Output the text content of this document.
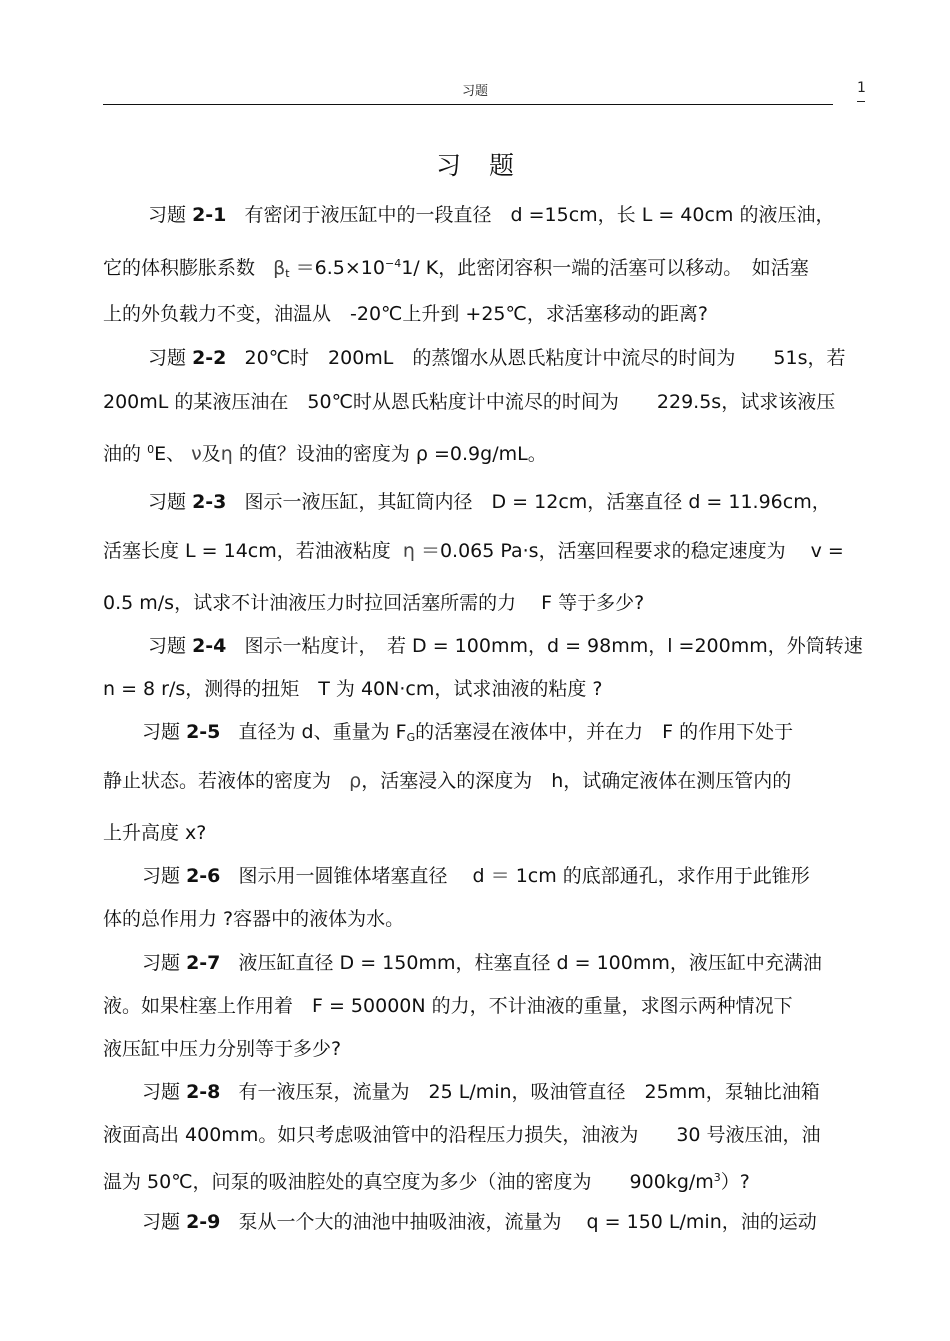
习题	1
习题
习题 2-1 有密闭于液压缸中的一段直径　d =15cm，长 L = 40cm 的液压油，
它的体积膨胀系数 $\beta_t =6.5\times 10^{-4}1/$ K，此密闭容积一端的活塞可以移动。　如活塞
上的外负载力不变，油温从　-20℃上升到 +25℃，求活塞移动的距离?
习题 2-2 20℃时　200mL　的蒸馏水从恩氏粘度计中流尽的时间为　　51s，若
200mL 的某液压油在　50℃时从恩氏粘度计中流尽的时间为　　229.5s，试求该液压
油的 $^0$E、 ν及η 的值？设油的密度为 ρ =0.9g/mL。
习题 2-3 图示一液压缸，其缸筒内径　D = 12cm，活塞直径 d = 11.96cm，
活塞长度 L = 14cm，若油液粘度 η ＝0.065 Pa·s，活塞回程要求的稳定速度为　 v =
0.5 m/s，试求不计油液压力时拉回活塞所需的力　 F 等于多少?
习题 2-4 图示一粘度计，　若 D = 100mm，d = 98mm，l =200mm，外筒转速
n = 8 r/s，测得的扭矩　T 为 40N·cm，试求油液的粘度 ?
习题 2-5 直径为 d、重量为 $F_G$的活塞浸在液体中，并在力　F 的作用下处于
静止状态。若液体的密度为 ρ，活塞浸入的深度为　h，试确定液体在测压管内的
上升高度 x?
习题 2-6 图示用一圆锥体堵塞直径　 d ＝ 1cm 的底部通孔，求作用于此锥形
体的总作用力 ?容器中的液体为水。
习题 2-7 液压缸直径 D = 150mm，柱塞直径 d = 100mm，液压缸中充满油
液。如果柱塞上作用着　F = 50000N 的力，不计油液的重量，求图示两种情况下
液压缸中压力分别等于多少?
习题 2-8 有一液压泵，流量为　25 L/min，吸油管直径　25mm，泵轴比油箱
液面高出 400mm。如只考虑吸油管中的沿程压力损失，油液为　　30 号液压油，油
温为 50℃，问泵的吸油腔处的真空度为多少（油的密度为　　$900kg/m^3$）?
习题 2-9 泵从一个大的油池中抽吸油液，流量为　 q = 150 L/min，油的运动
